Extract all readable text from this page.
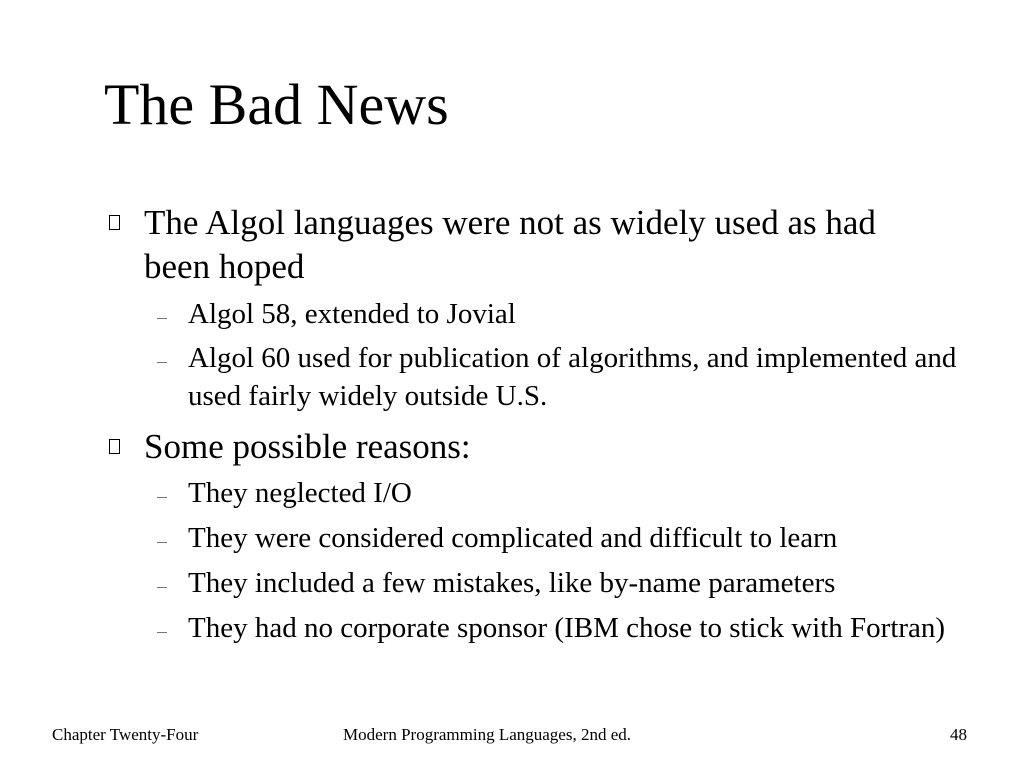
The Bad News
The Algol languages were not as widely used as had been hoped
Algol 58, extended to Jovial
Algol 60 used for publication of algorithms, and implemented and used fairly widely outside U.S.
Some possible reasons:
They neglected I/O
They were considered complicated and difficult to learn
They included a few mistakes, like by-name parameters
They had no corporate sponsor (IBM chose to stick with Fortran)
Chapter Twenty-Four	Modern Programming Languages, 2nd ed.	48
